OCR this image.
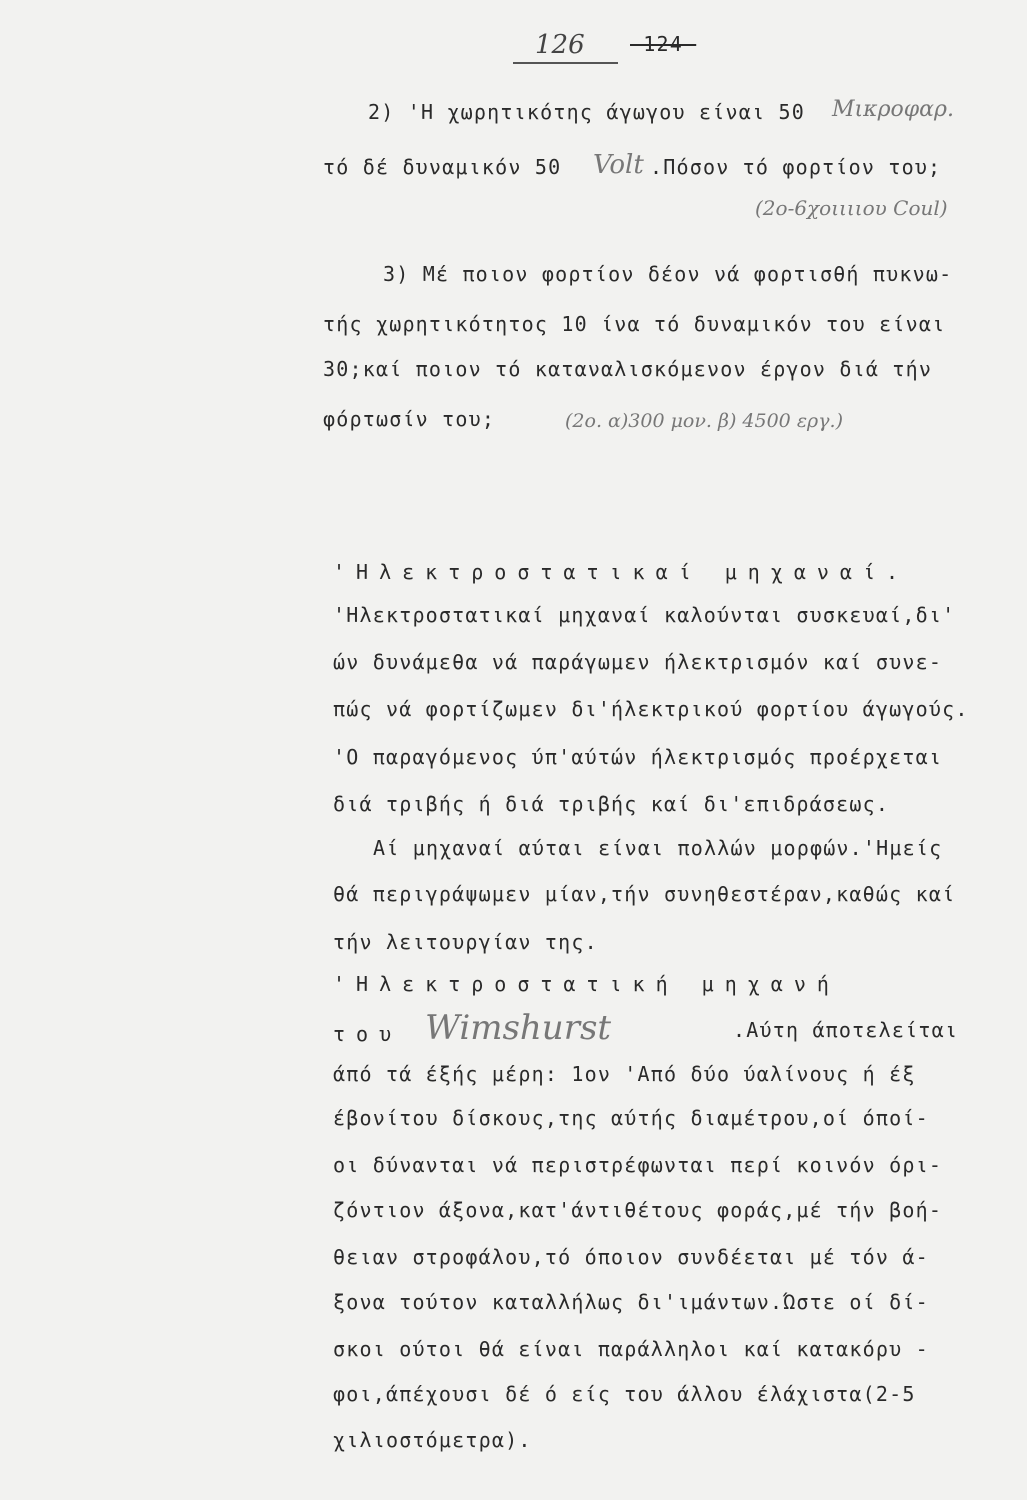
126 -124-
2) 'Η χωρητικότης άγωγου είναι 50 Μικροφαρ.
τό δέ δυναμικόν 50 Volt .Πόσον τό φορτίον του;
(2ο-6χοιιιιου Coul)
3) Μέ ποιον φορτίον δέον νά φορτισθή πυκνω-
τής χωρητικότητος 10 ίνα τό δυναμικόν του είναι
30;καί ποιον τό καταναλισκόμενον έργον διά τήν
φόρτωσίν του;	(2ο. α)300 μον. β) 4500 εργ.)
'Ηλεκτροστατικαί μηχαναί.
'Ηλεκτροστατικαί μηχαναί καλούνται συσκευαί,δι'
ών δυνάμεθα νά παράγωμεν ήλεκτρισμόν καί συνε-
πώς νά φορτίζωμεν δι'ήλεκτρικού φορτίου άγωγούς.
'Ο παραγόμενος ύπ'αύτών ήλεκτρισμός προέρχεται
διά τριβής ή διά τριβής καί δι'επιδράσεως.
Αί μηχαναί αύται είναι πολλών μορφών.'Ημείς
θά περιγράψωμεν μίαν,τήν συνηθεστέραν,καθώς καί
τήν λειτουργίαν της.
'Ηλεκτροστατική μηχανή
του Wimshurst	.Αύτη άποτελείται
άπό τά έξής μέρη: 1ον 'Από δύο ύαλίνους ή έξ
έβονίτου δίσκους,της αύτής διαμέτρου,οί όποί-
οι δύνανται νά περιστρέφωνται περί κοινόν όρι-
ζόντιον άξονα,κατ'άντιθέτους φοράς,μέ τήν βοή-
θειαν στροφάλου,τό όποιον συνδέεται μέ τόν ά-
ξονα τούτον καταλλήλως δι'ιμάντων.Ώστε οί δί-
σκοι ούτοι θά είναι παράλληλοι καί κατακόρυ -
φοι,άπέχουσι δέ ό είς του άλλου έλάχιστα(2-5
χιλιοστόμετρα).
